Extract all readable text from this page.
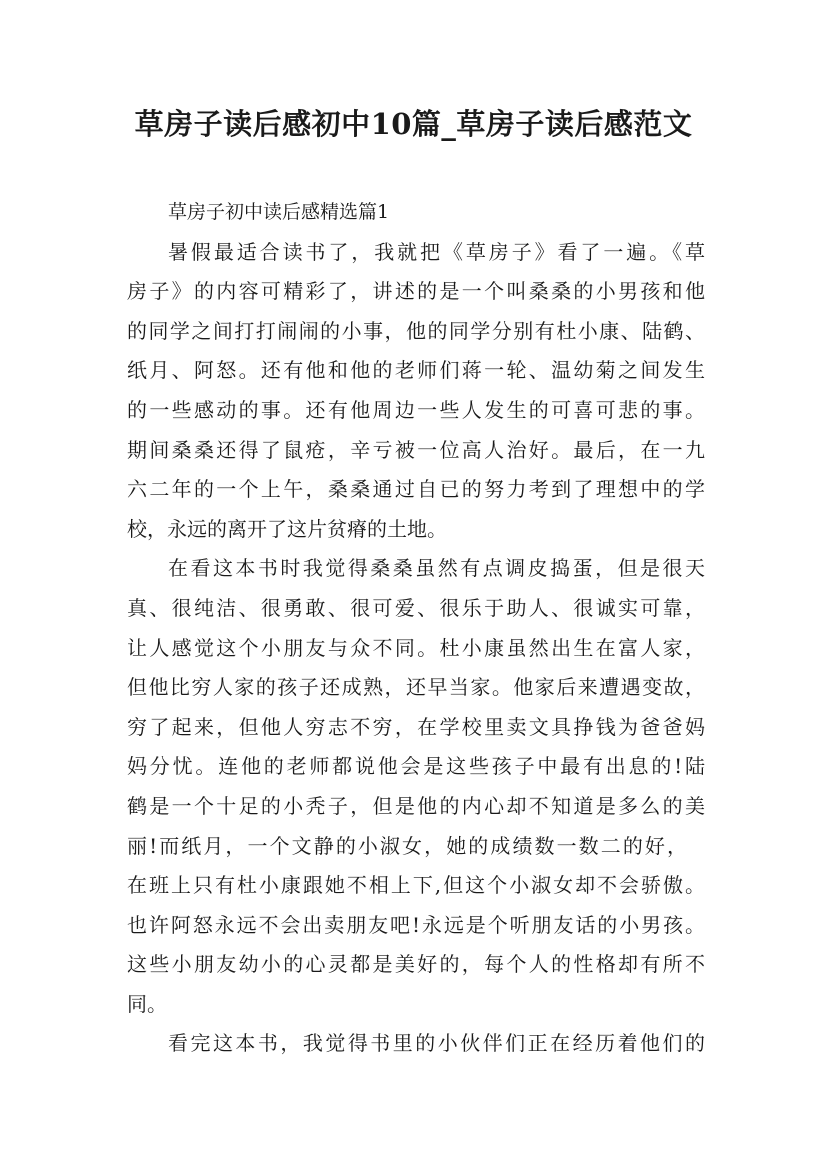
草房子读后感初中10篇_草房子读后感范文
草房子初中读后感精选篇1
暑假最适合读书了，我就把《草房子》看了一遍。《草
房子》的内容可精彩了，讲述的是一个叫桑桑的小男孩和他
的同学之间打打闹闹的小事，他的同学分别有杜小康、陆鹤、
纸月、阿怒。还有他和他的老师们蒋一轮、温幼菊之间发生
的一些感动的事。还有他周边一些人发生的可喜可悲的事。
期间桑桑还得了鼠疮，辛亏被一位高人治好。最后，在一九
六二年的一个上午，桑桑通过自已的努力考到了理想中的学
校，永远的离开了这片贫瘠的土地。
在看这本书时我觉得桑桑虽然有点调皮捣蛋，但是很天
真、很纯洁、很勇敢、很可爱、很乐于助人、很诚实可靠，
让人感觉这个小朋友与众不同。杜小康虽然出生在富人家，
但他比穷人家的孩子还成熟，还早当家。他家后来遭遇变故，
穷了起来，但他人穷志不穷，在学校里卖文具挣钱为爸爸妈
妈分忧。连他的老师都说他会是这些孩子中最有出息的!陆
鹤是一个十足的小秃子，但是他的内心却不知道是多么的美
丽!而纸月，一个文静的小淑女，她的成绩数一数二的好，
在班上只有杜小康跟她不相上下,但这个小淑女却不会骄傲。
也许阿怒永远不会出卖朋友吧!永远是个听朋友话的小男孩。
这些小朋友幼小的心灵都是美好的，每个人的性格却有所不
同。
看完这本书，我觉得书里的小伙伴们正在经历着他们的
